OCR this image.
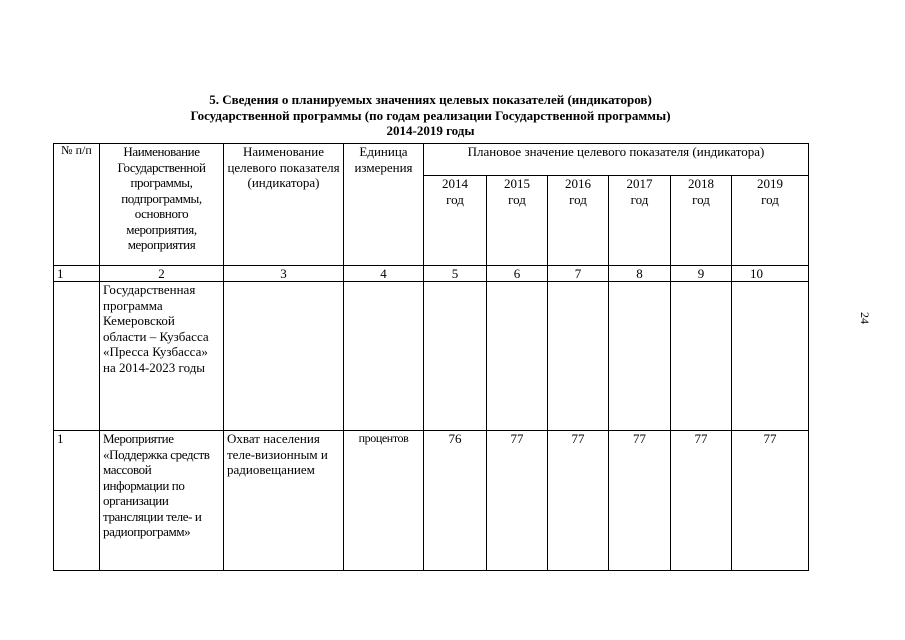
5. Сведения о планируемых значениях целевых показателей (индикаторов)
Государственной программы (по годам реализации Государственной программы)
2014-2019 годы
№ п/п	Наименование Государственной программы, подпрограммы, основного мероприятия, мероприятия	Наименование целевого показателя (индикатора)	Единица измерения	Плановое значение целевого показателя (индикатора)					
				2014 год	2015 год	2016 год	2017 год	2018 год	2019 год
1	2	3	4	5	6	7	8	9	10
	Государственная программа Кемеровской области – Кузбасса «Пресса Кузбасса» на 2014-2023 годы								
1	Мероприятие «Поддержка средств массовой информации по организации трансляции теле- и радиопрограмм»	Охват населения теле-визионным и радиовещанием	процентов	76	77	77	77	77	77
24
